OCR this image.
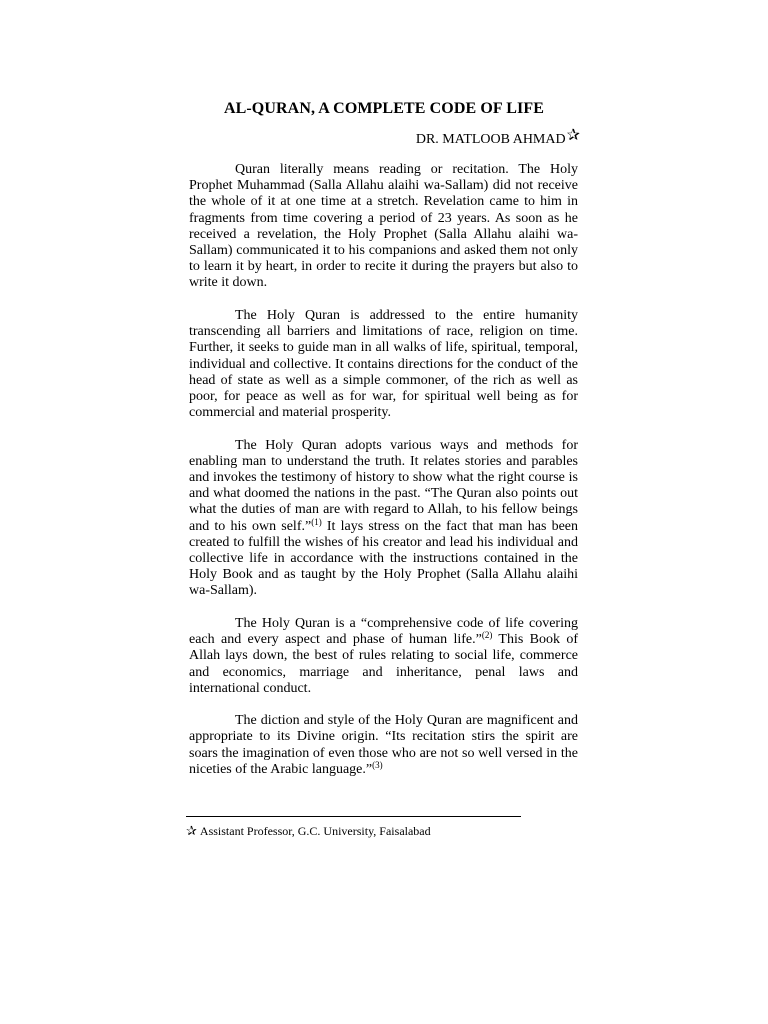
AL-QURAN, A COMPLETE CODE OF LIFE
DR. MATLOOB AHMAD✰

Quran literally means reading or recitation. The Holy Prophet Muhammad (Salla Allahu alaihi wa-Sallam) did not receive the whole of it at one time at a stretch. Revelation came to him in fragments from time covering a period of 23 years. As soon as he received a revelation, the Holy Prophet (Salla Allahu alaihi wa-Sallam) communicated it to his companions and asked them not only to learn it by heart, in order to recite it during the prayers but also to write it down.

The Holy Quran is addressed to the entire humanity transcending all barriers and limitations of race, religion on time. Further, it seeks to guide man in all walks of life, spiritual, temporal, individual and collective. It contains directions for the conduct of the head of state as well as a simple commoner, of the rich as well as poor, for peace as well as for war, for spiritual well being as for commercial and material prosperity.

The Holy Quran adopts various ways and methods for enabling man to understand the truth. It relates stories and parables and invokes the testimony of history to show what the right course is and what doomed the nations in the past. “The Quran also points out what the duties of man are with regard to Allah, to his fellow beings and to his own self.”$^{(1)}$ It lays stress on the fact that man has been created to fulfill the wishes of his creator and lead his individual and collective life in accordance with the instructions contained in the Holy Book and as taught by the Holy Prophet (Salla Allahu alaihi wa-Sallam).

The Holy Quran is a “comprehensive code of life covering each and every aspect and phase of human life.”$^{(2)}$ This Book of Allah lays down, the best of rules relating to social life, commerce and economics, marriage and inheritance, penal laws and international conduct.

The diction and style of the Holy Quran are magnificent and appropriate to its Divine origin. “Its recitation stirs the spirit are soars the imagination of even those who are not so well versed in the niceties of the Arabic language.”$^{(3)}$

✰ Assistant Professor, G.C. University, Faisalabad
